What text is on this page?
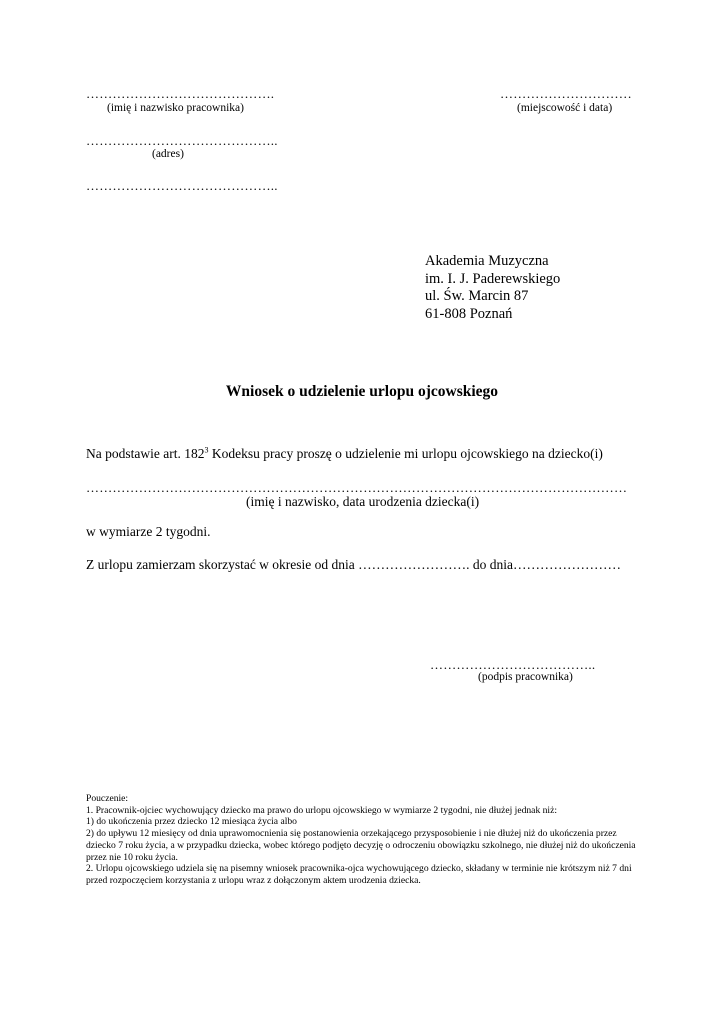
…………………………………….
(imię i nazwisko pracownika)
…………………………
(miejscowość i data)
……………………………………..
(adres)
……………………………………..
Akademia Muzyczna
im. I. J. Paderewskiego
ul. Św. Marcin 87
61-808 Poznań
Wniosek o udzielenie urlopu ojcowskiego
Na podstawie art. $182^3$ Kodeksu pracy proszę o udzielenie mi urlopu ojcowskiego na dziecko(i)
……………………………………………………………………………………………………………
(imię i nazwisko, data urodzenia dziecka(i)
w wymiarze 2 tygodni.
Z urlopu zamierzam skorzystać w okresie od dnia ……………………. do dnia……………………
………………………………..
(podpis pracownika)
Pouczenie:
1. Pracownik-ojciec wychowujący dziecko ma prawo do urlopu ojcowskiego w wymiarze 2 tygodni, nie dłużej jednak niż:
1) do ukończenia przez dziecko 12 miesiąca życia albo
2) do upływu 12 miesięcy od dnia uprawomocnienia się postanowienia orzekającego przysposobienie i nie dłużej niż do ukończenia przez dziecko 7 roku życia, a w przypadku dziecka, wobec którego podjęto decyzję o odroczeniu obowiązku szkolnego, nie dłużej niż do ukończenia przez nie 10 roku życia.
2. Urlopu ojcowskiego udziela się na pisemny wniosek pracownika-ojca wychowującego dziecko, składany w terminie nie krótszym niż 7 dni przed rozpoczęciem korzystania z urlopu wraz z dołączonym aktem urodzenia dziecka.
